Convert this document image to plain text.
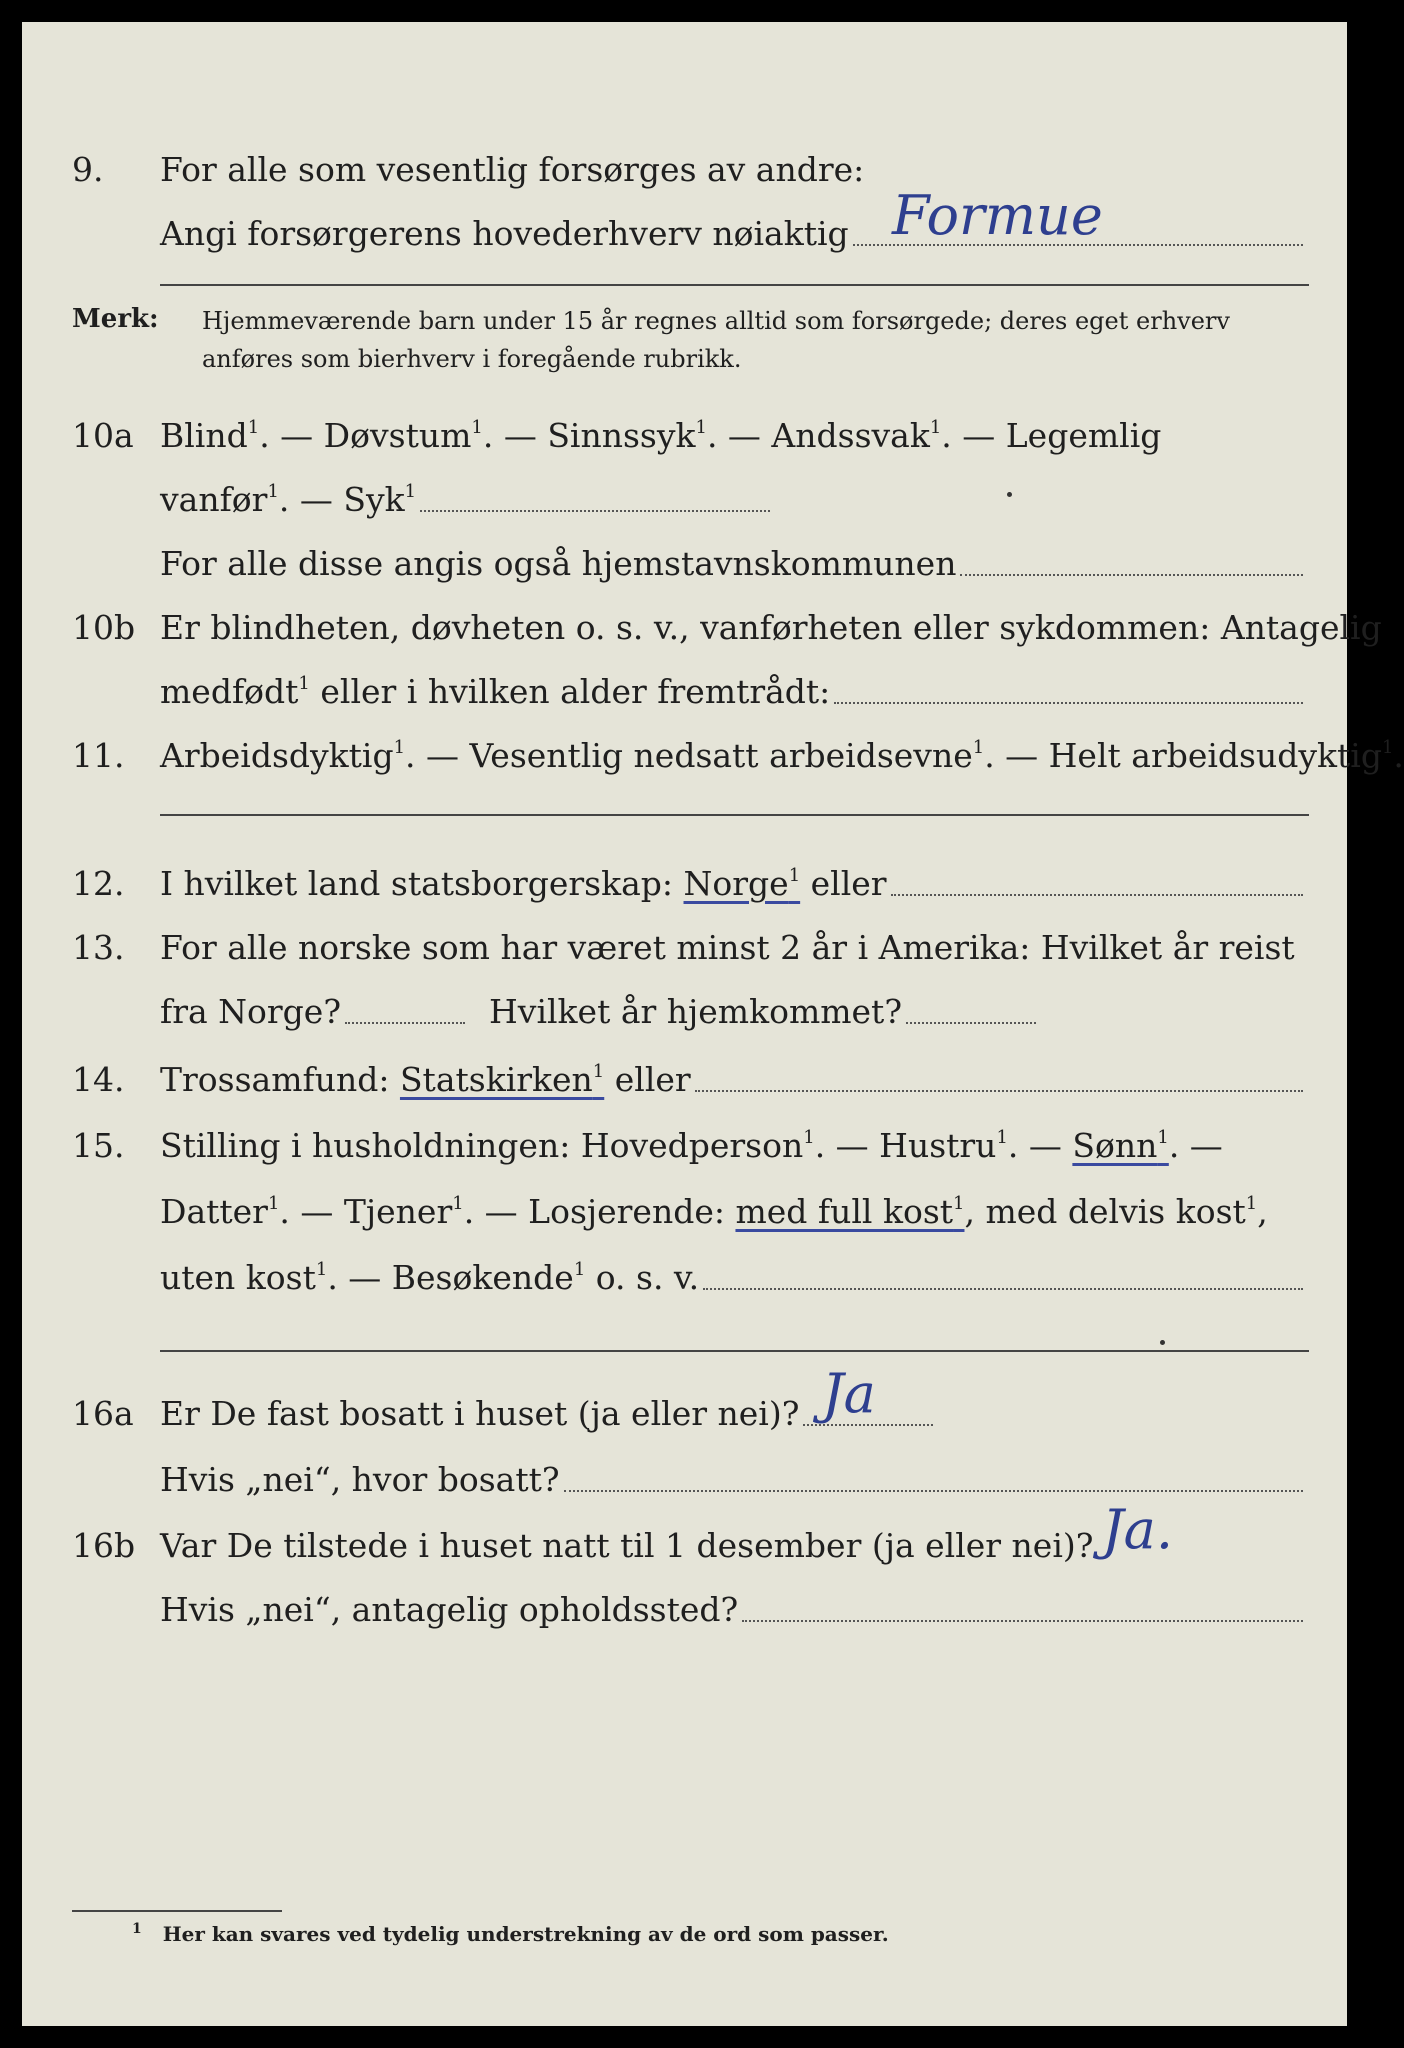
9. For alle som vesentlig forsørges av andre:
Angi forsørgerens hovederhverv nøiaktig Formue
Merk: Hjemmeværende barn under 15 år regnes alltid som forsørgede; deres eget erhverv
anføres som bierhverv i foregående rubrikk.
10a Blind$^1$. — Døvstum$^1$. — Sinnssyk$^1$. — Andssvak$^1$. — Legemlig
vanfør$^1$. — Syk$^1$
For alle disse angis også hjemstavnskommunen
10b Er blindheten, døvheten o. s. v., vanførheten eller sykdommen: Antagelig
medfødt$^1$ eller i hvilken alder fremtrådt:
11. Arbeidsdyktig$^1$. — Vesentlig nedsatt arbeidsevne$^1$. — Helt arbeidsudyktig$^1$.
12. I hvilket land statsborgerskap: Norge$^1$ eller
13. For alle norske som har været minst 2 år i Amerika: Hvilket år reist
fra Norge?	Hvilket år hjemkommet?
14. Trossamfund: Statskirken$^1$ eller
15. Stilling i husholdningen: Hovedperson$^1$. — Hustru$^1$. — Sønn$^1$. —
Datter$^1$. — Tjener$^1$. — Losjerende: med full kost$^1$, med delvis kost$^1$,
uten kost$^1$. — Besøkende$^1$ o. s. v.
16a Er De fast bosatt i huset (ja eller nei)? Ja
Hvis „nei“, hvor bosatt?
16b Var De tilstede i huset natt til 1 desember (ja eller nei)? Ja.
Hvis „nei“, antagelig opholdssted?
$^1$ Her kan svares ved tydelig understrekning av de ord som passer.
